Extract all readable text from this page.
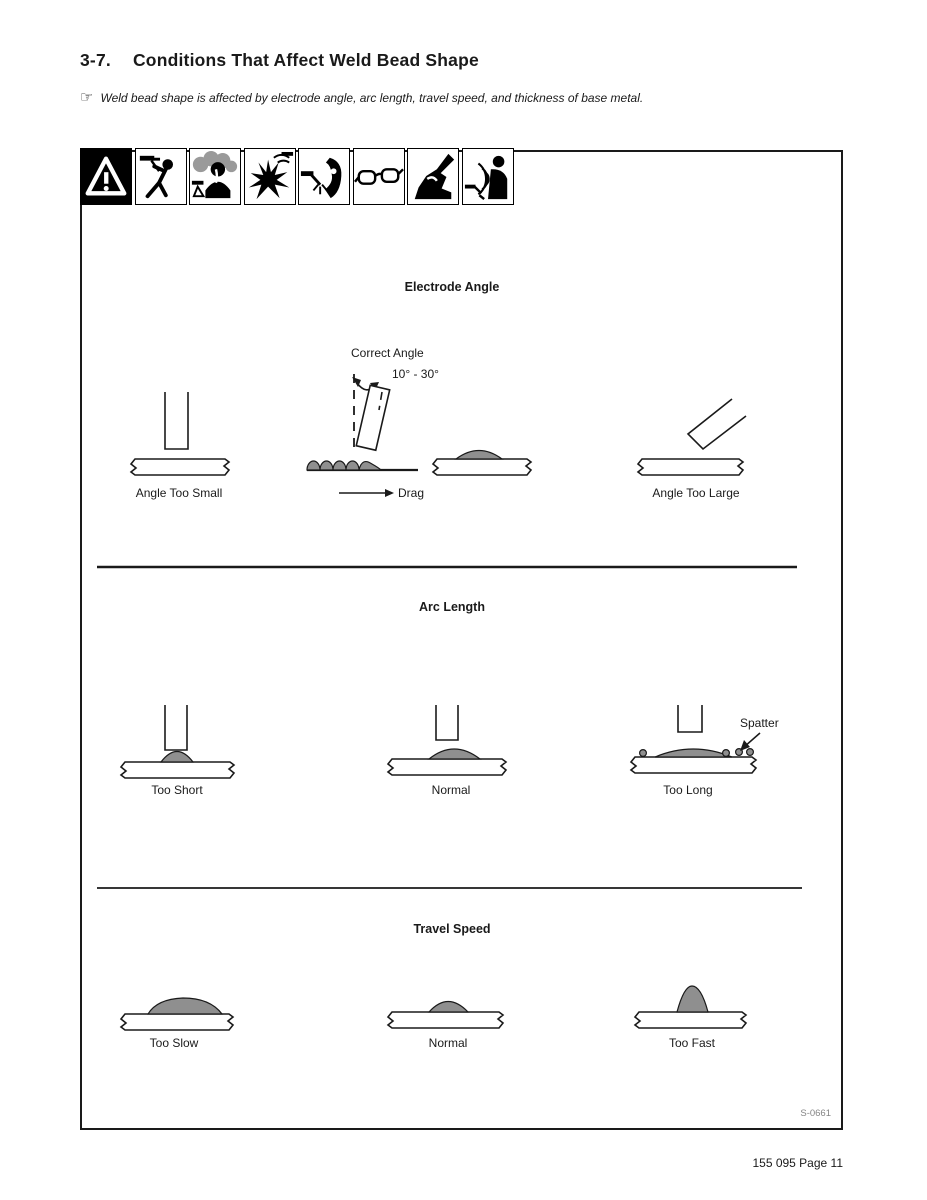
3-7. Conditions That Affect Weld Bead Shape
☞ Weld bead shape is affected by electrode angle, arc length, travel speed, and thickness of base metal.
Electrode Angle
Correct Angle
10° - 30°
Angle Too Small	Drag	Angle Too Large
Arc Length
Too Short	Normal	Too Long
Spatter
Travel Speed
Too Slow	Normal	Too Fast
S-0661
155 095 Page 11
